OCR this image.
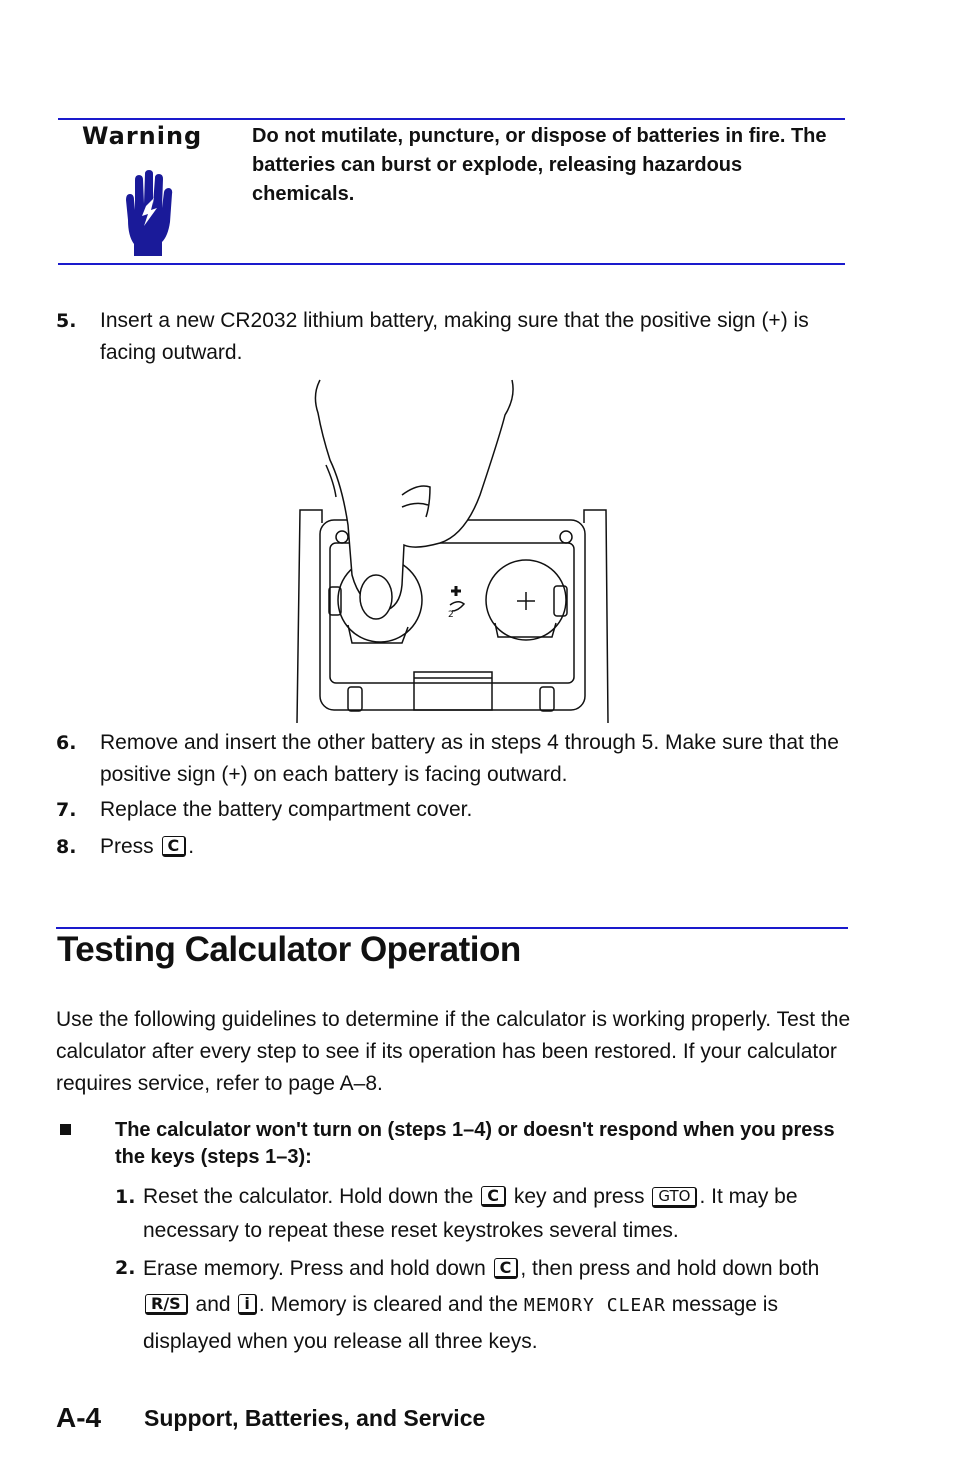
Warning Do not mutilate, puncture, or dispose of batteries in fire. The batteries can burst or explode, releasing hazardous chemicals.
5. Insert a new CR2032 lithium battery, making sure that the positive sign (+) is facing outward.
2
6. Remove and insert the other battery as in steps 4 through 5. Make sure that the positive sign (+) on each battery is facing outward.
7. Replace the battery compartment cover.
8. Press C .
Testing Calculator Operation
Use the following guidelines to determine if the calculator is working properly. Test the calculator after every step to see if its operation has been restored. If your calculator requires service, refer to page A–8.
The calculator won't turn on (steps 1–4) or doesn't respond when you press the keys (steps 1–3):
1. Reset the calculator. Hold down the C key and press GTO . It may be necessary to repeat these reset keystrokes several times.
2. Erase memory. Press and hold down C , then press and hold down both R/S and i . Memory is cleared and the MEMORY CLEAR message is displayed when you release all three keys.
A-4 Support, Batteries, and Service
